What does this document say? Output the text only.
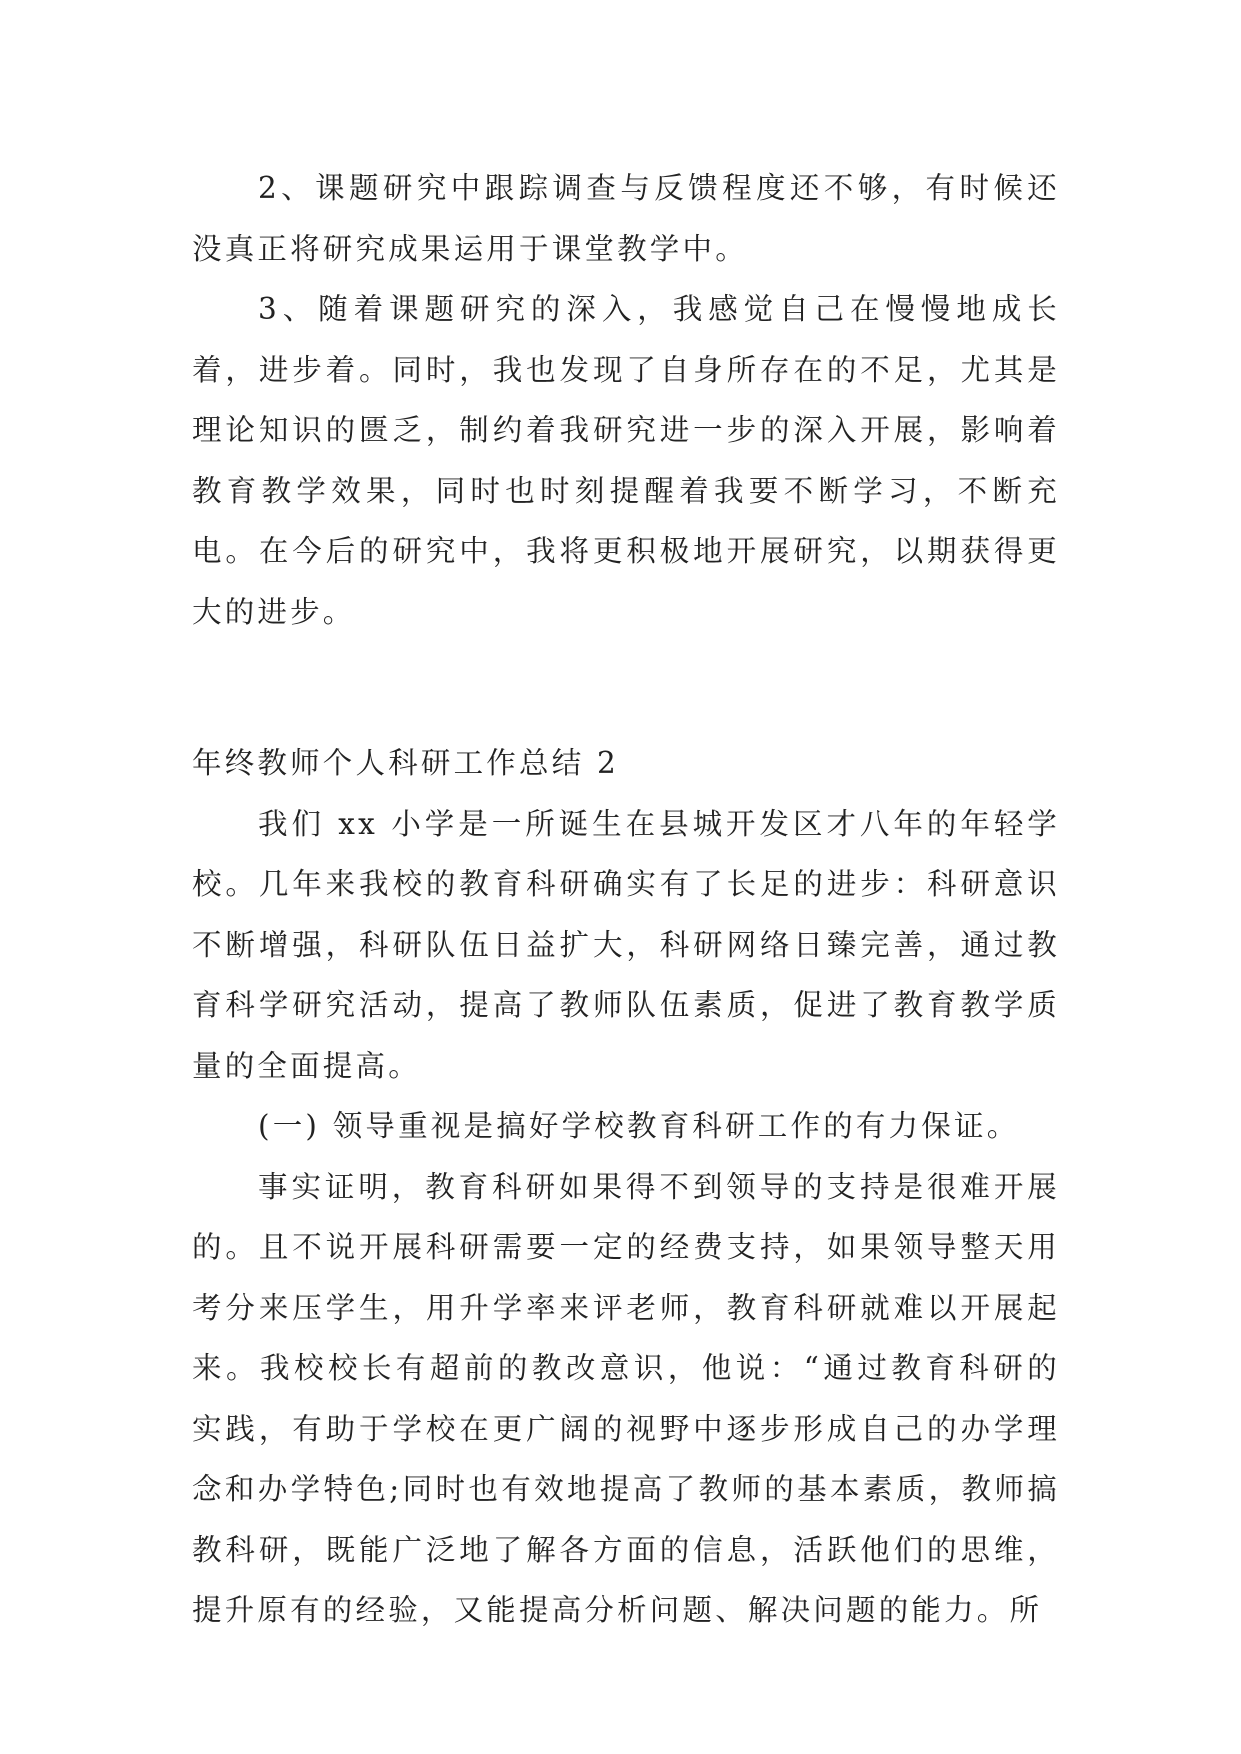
2、课题研究中跟踪调查与反馈程度还不够，有时候还没真正将研究成果运用于课堂教学中。

3、随着课题研究的深入，我感觉自己在慢慢地成长着，进步着。同时，我也发现了自身所存在的不足，尤其是理论知识的匮乏，制约着我研究进一步的深入开展，影响着教育教学效果，同时也时刻提醒着我要不断学习，不断充电。在今后的研究中，我将更积极地开展研究，以期获得更大的进步。

年终教师个人科研工作总结 2

我们 xx 小学是一所诞生在县城开发区才八年的年轻学校。几年来我校的教育科研确实有了长足的进步：科研意识不断增强，科研队伍日益扩大，科研网络日臻完善，通过教育科学研究活动，提高了教师队伍素质，促进了教育教学质量的全面提高。

(一) 领导重视是搞好学校教育科研工作的有力保证。

事实证明，教育科研如果得不到领导的支持是很难开展的。且不说开展科研需要一定的经费支持，如果领导整天用考分来压学生，用升学率来评老师，教育科研就难以开展起来。我校校长有超前的教改意识，他说：“通过教育科研的实践，有助于学校在更广阔的视野中逐步形成自己的办学理念和办学特色;同时也有效地提高了教师的基本素质，教师搞教科研，既能广泛地了解各方面的信息，活跃他们的思维，提升原有的经验，又能提高分析问题、解决问题的能力。所
